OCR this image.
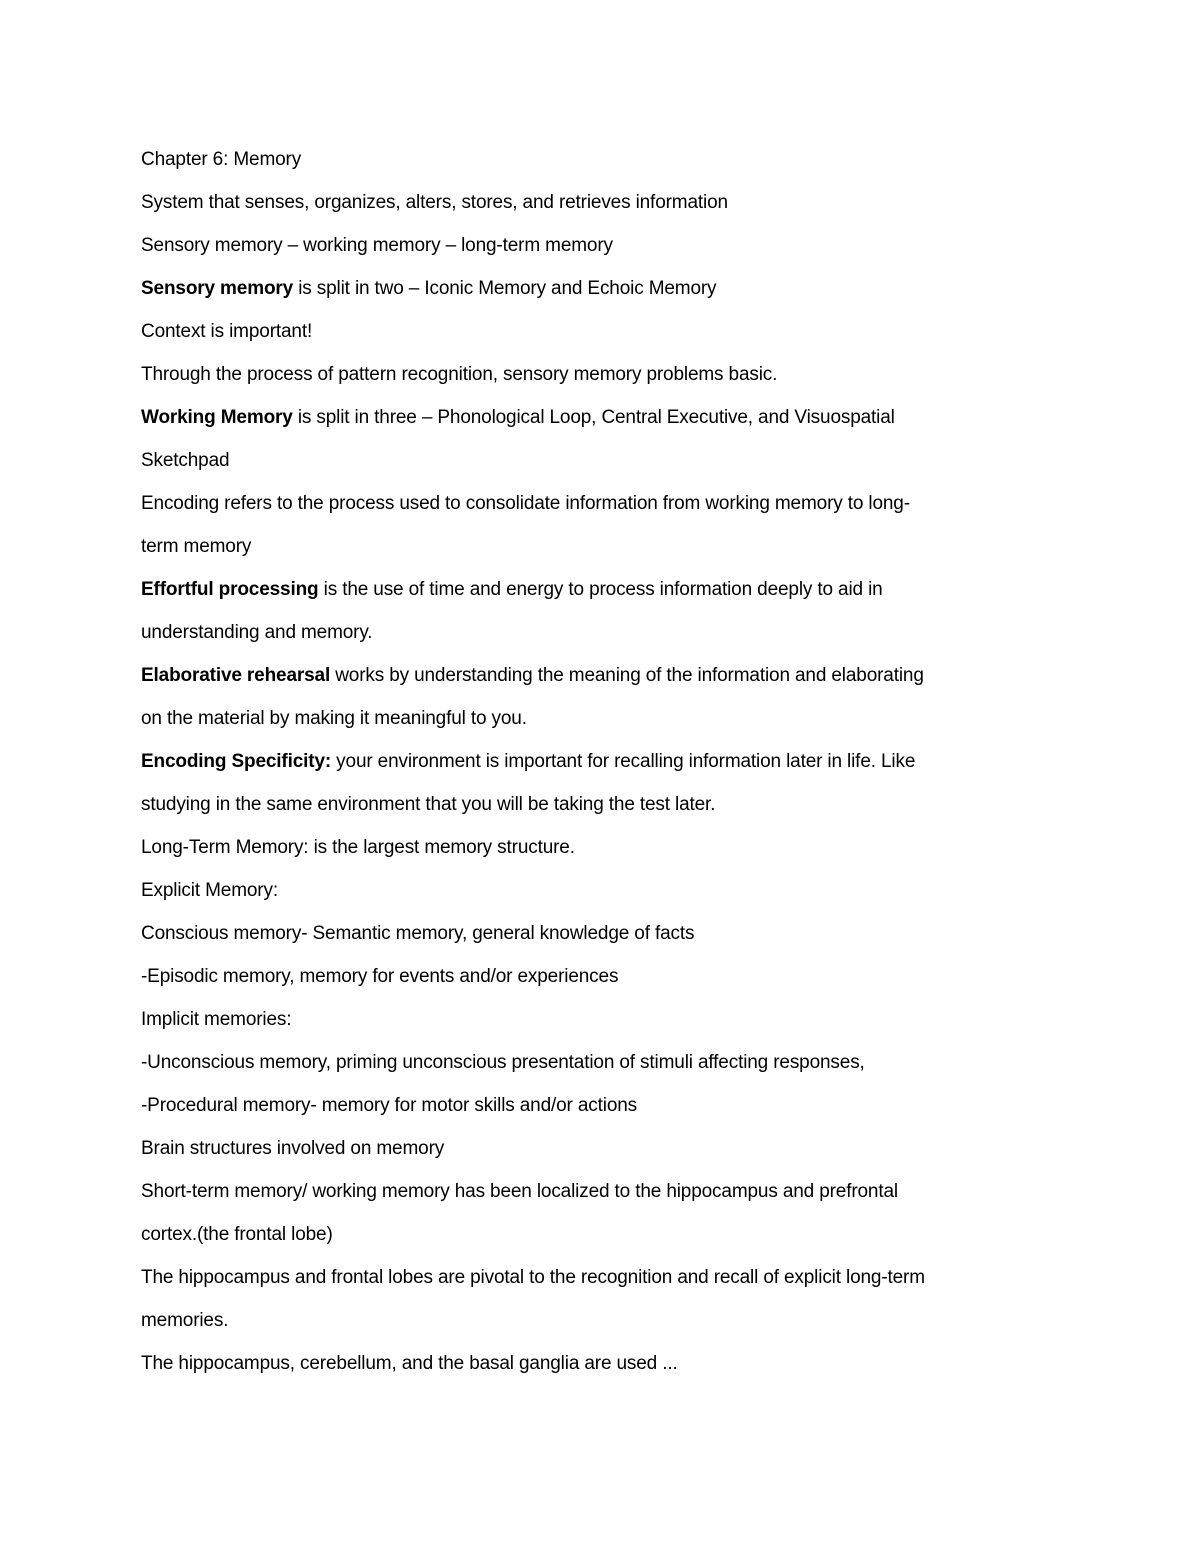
Chapter 6: Memory
System that senses, organizes, alters, stores, and retrieves information
Sensory memory – working memory – long-term memory
Sensory memory is split in two – Iconic Memory and Echoic Memory
Context is important!
Through the process of pattern recognition, sensory memory problems basic.
Working Memory is split in three – Phonological Loop, Central Executive, and Visuospatial
Sketchpad
Encoding refers to the process used to consolidate information from working memory to long-
term memory
Effortful processing is the use of time and energy to process information deeply to aid in
understanding and memory.
Elaborative rehearsal works by understanding the meaning of the information and elaborating
on the material by making it meaningful to you.
Encoding Specificity: your environment is important for recalling information later in life. Like
studying in the same environment that you will be taking the test later.
Long-Term Memory: is the largest memory structure.
Explicit Memory:
Conscious memory- Semantic memory, general knowledge of facts
-Episodic memory, memory for events and/or experiences
Implicit memories:
-Unconscious memory, priming unconscious presentation of stimuli affecting responses,
-Procedural memory- memory for motor skills and/or actions
Brain structures involved on memory
Short-term memory/ working memory has been localized to the hippocampus and prefrontal
cortex.(the frontal lobe)
The hippocampus and frontal lobes are pivotal to the recognition and recall of explicit long-term
memories.
The hippocampus, cerebellum, and the basal ganglia are used ...
